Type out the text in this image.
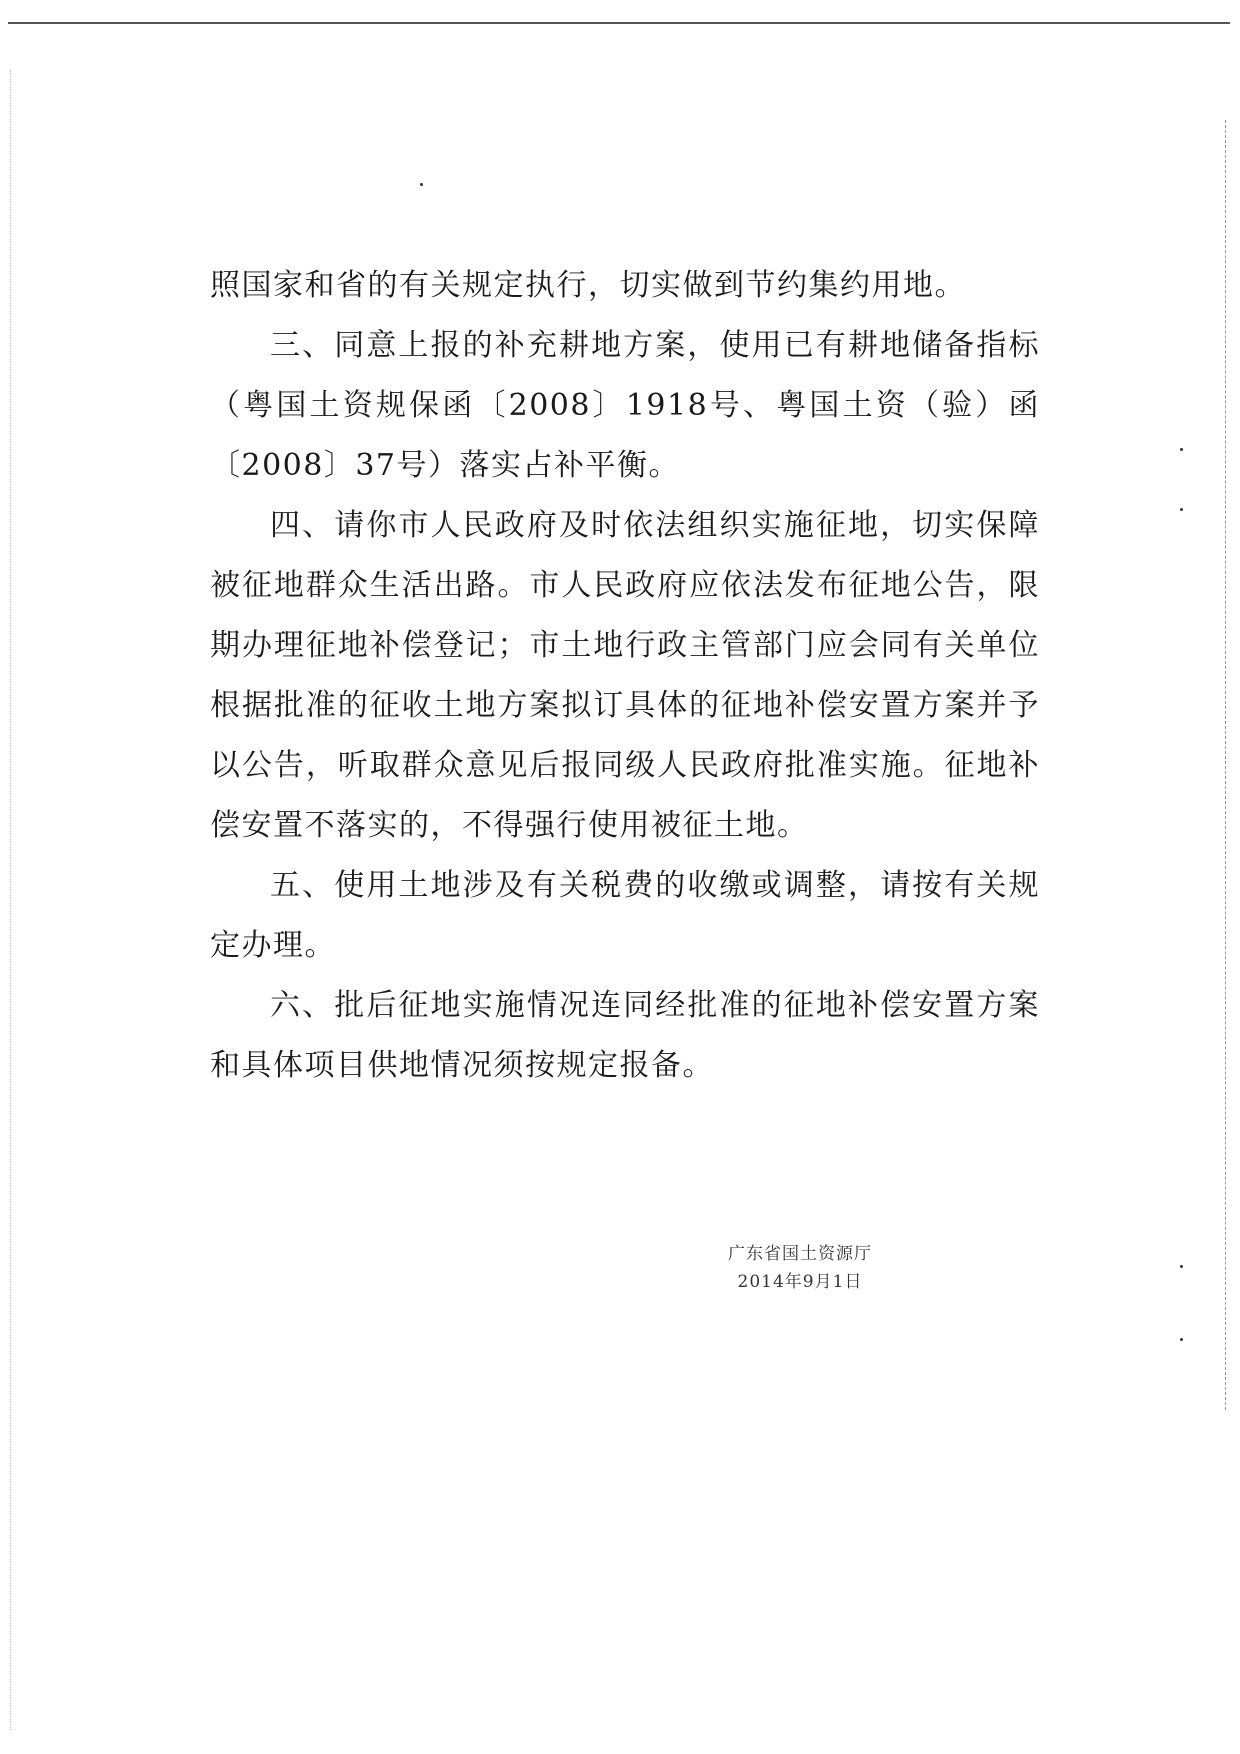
照国家和省的有关规定执行，切实做到节约集约用地。

三、同意上报的补充耕地方案，使用已有耕地储备指标（粤国土资规保函〔2008〕1918号、粤国土资（验）函〔2008〕37号）落实占补平衡。

四、请你市人民政府及时依法组织实施征地，切实保障被征地群众生活出路。市人民政府应依法发布征地公告，限期办理征地补偿登记；市土地行政主管部门应会同有关单位根据批准的征收土地方案拟订具体的征地补偿安置方案并予以公告，听取群众意见后报同级人民政府批准实施。征地补偿安置不落实的，不得强行使用被征土地。

五、使用土地涉及有关税费的收缴或调整，请按有关规定办理。

六、批后征地实施情况连同经批准的征地补偿安置方案和具体项目供地情况须按规定报备。

广东省国土资源厅
2014年9月1日
